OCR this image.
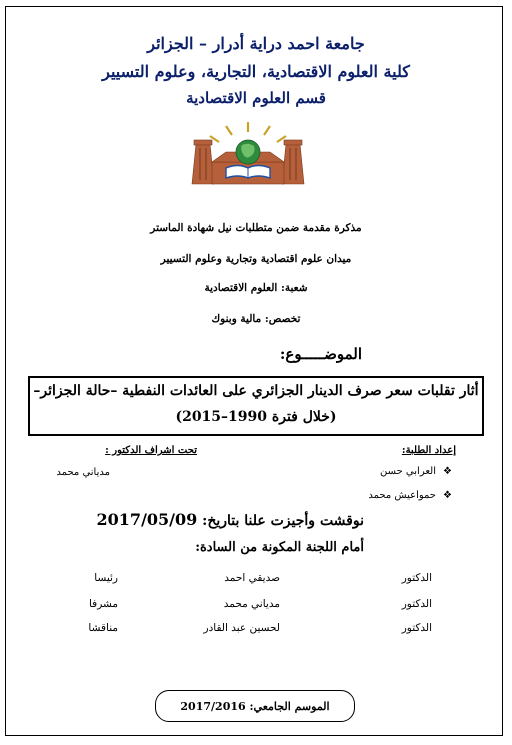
جامعة احمد دراية أدرار – الجزائر
كلية العلوم الاقتصادية، التجارية، وعلوم التسيير
قسم العلوم الاقتصادية
مذكرة مقدمة ضمن متطلبات نيل شهادة الماستر
ميدان علوم اقتصادية وتجارية وعلوم التسيير
شعبة: العلوم الاقتصادية
تخصص: مالية وبنوك
الموضـــــوع:
أثار تقلبات سعر صرف الدينار الجزائري على العائدات النفطية –حالة الجزائر–
(خلال فترة 1990–2015)
إعداد الطلبة:
تحت اشراف الدكتور :
❖
العرابي حسن
❖
حمواعيش محمد
مدياني محمد
نوقشت وأجيزت علنا بتاريخ: 2017/05/09
أمام اللجنة المكونة من السادة:
الدكتور
صديقي احمد
رئيسا
الدكتور
مدياني محمد
مشرفا
الدكتور
لحسين عبد القادر
مناقشا
الموسم الجامعي: 2017/2016
